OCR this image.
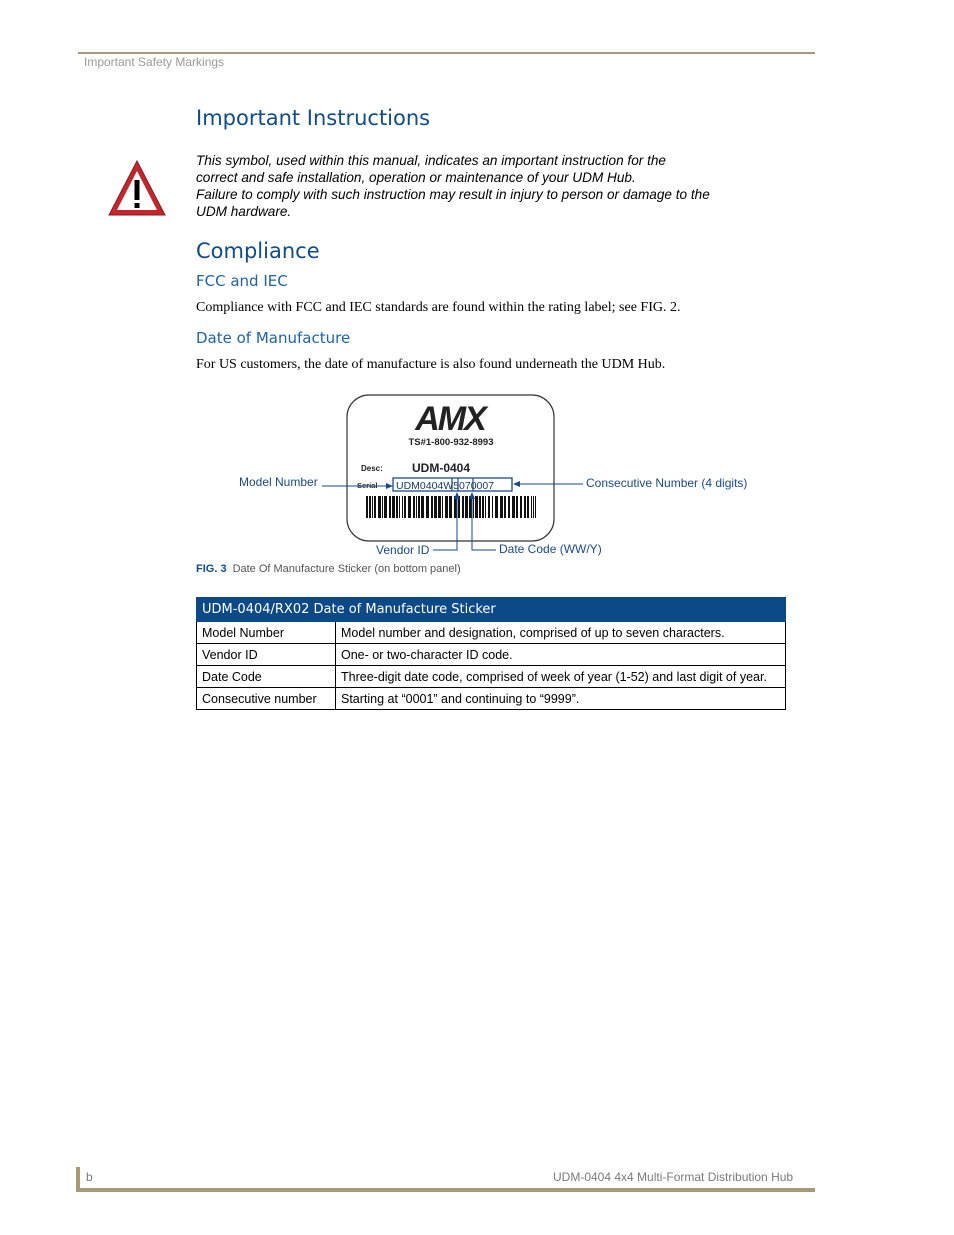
Important Safety Markings
Important Instructions
This symbol, used within this manual, indicates an important instruction for the
correct and safe installation, operation or maintenance of your UDM Hub.
Failure to comply with such instruction may result in injury to person or damage to the
UDM hardware.
Compliance
FCC and IEC
Compliance with FCC and IEC standards are found within the rating label; see FIG. 2.
Date of Manufacture
For US customers, the date of manufacture is also found underneath the UDM Hub.
AMX
TS#1-800-932-8993
Desc: UDM-0404
Serial UDM0404W5070007
Model Number	Consecutive Number (4 digits)
Vendor ID	Date Code (WW/Y)
FIG. 3 Date Of Manufacture Sticker (on bottom panel)
UDM-0404/RX02 Date of Manufacture Sticker	
Model Number	Model number and designation, comprised of up to seven characters.
Vendor ID	One- or two-character ID code.
Date Code	Three-digit date code, comprised of week of year (1-52) and last digit of year.
Consecutive number	Starting at “0001” and continuing to “9999”.
b	UDM-0404 4x4 Multi-Format Distribution Hub
